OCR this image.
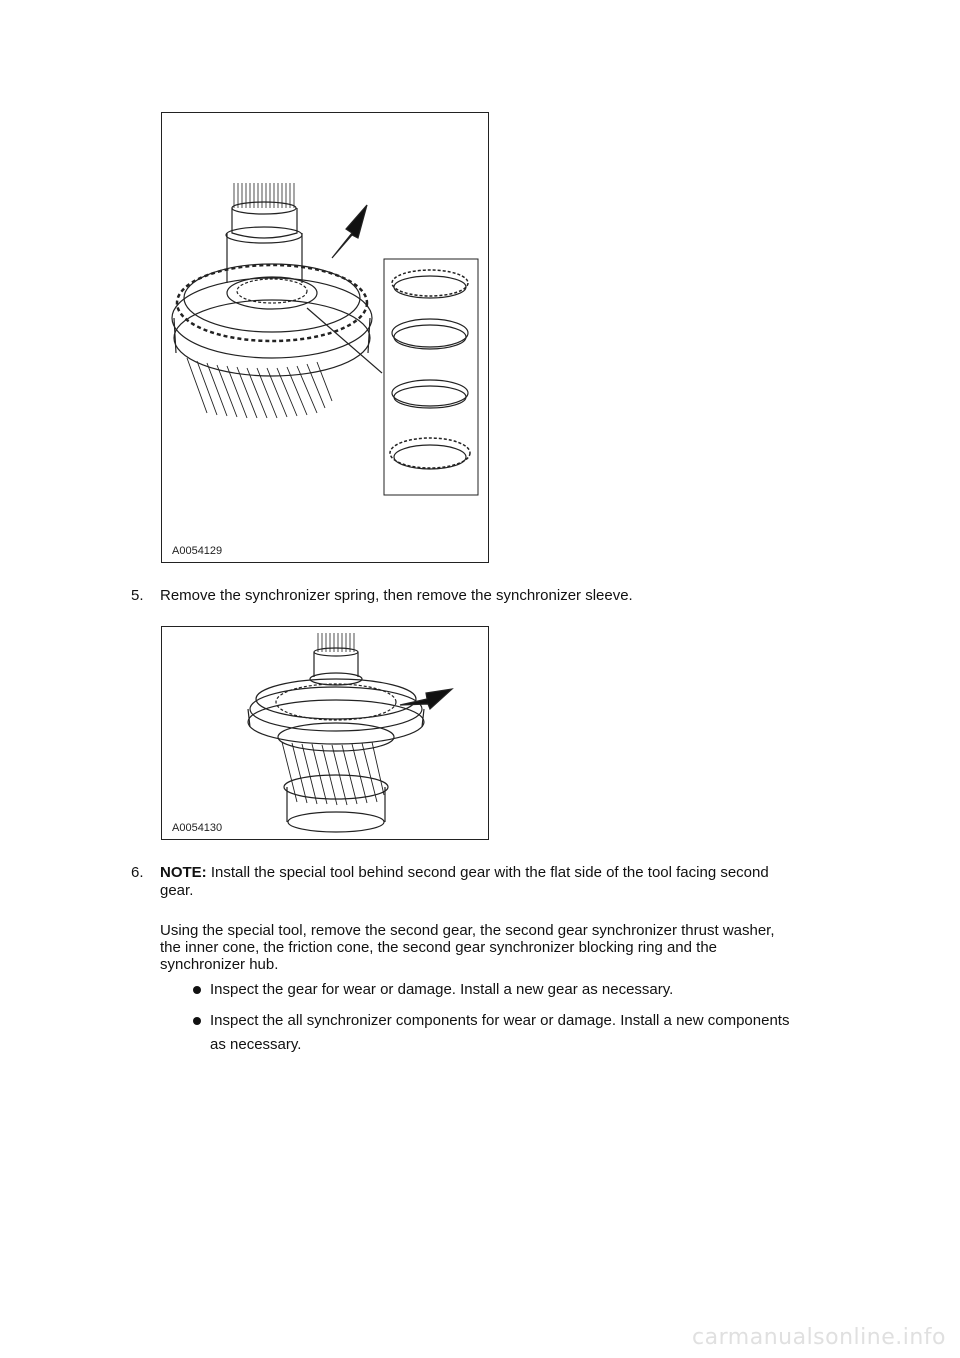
A0054129
5. Remove the synchronizer spring, then remove the synchronizer sleeve.
A0054130
6. NOTE: Install the special tool behind second gear with the flat side of the tool facing second
gear.
Using the special tool, remove the second gear, the second gear synchronizer thrust washer,
the inner cone, the friction cone, the second gear synchronizer blocking ring and the
synchronizer hub.
Inspect the gear for wear or damage. Install a new gear as necessary.
Inspect the all synchronizer components for wear or damage. Install a new components
as necessary.
carmanualsonline.info
